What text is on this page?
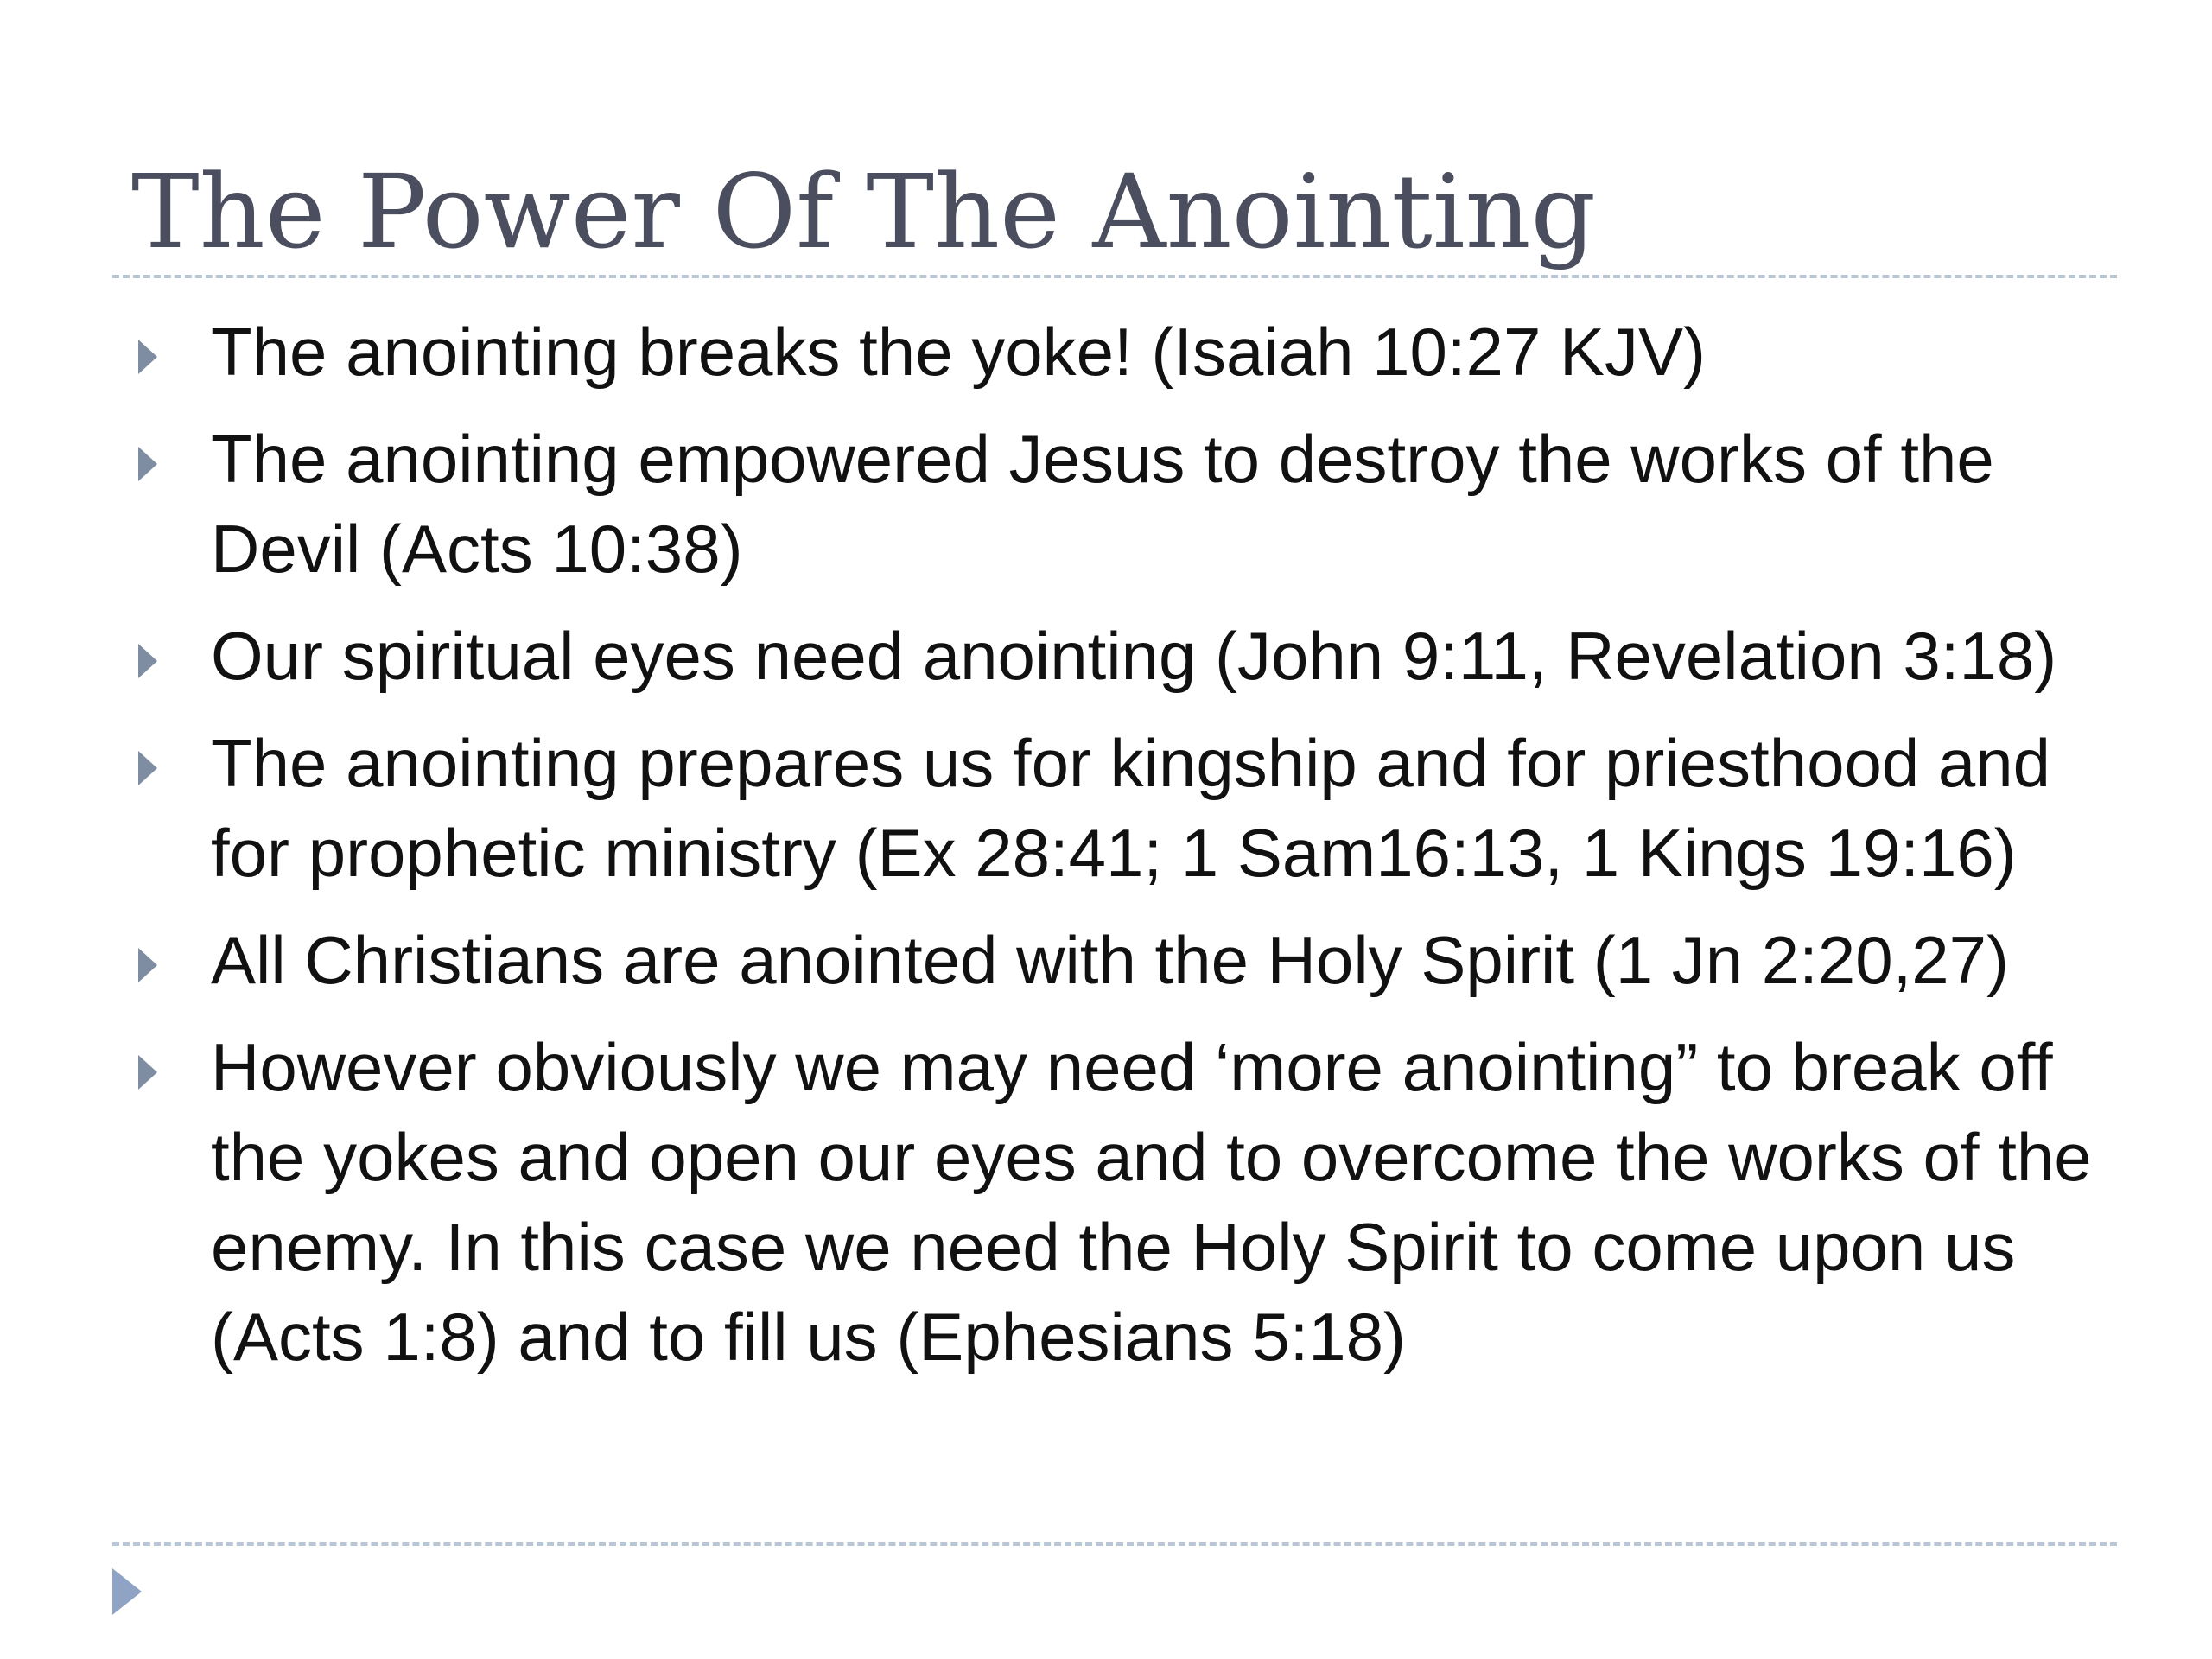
The Power Of The Anointing
The anointing breaks the yoke! (Isaiah 10:27 KJV)
The anointing empowered Jesus to destroy the works of the Devil (Acts 10:38)
Our spiritual eyes need anointing (John 9:11, Revelation 3:18)
The anointing prepares us for kingship and for priesthood and for prophetic ministry (Ex 28:41; 1 Sam16:13, 1 Kings 19:16)
All Christians are anointed with the Holy Spirit (1 Jn 2:20,27)
However obviously we may need ‘more anointing” to break off the yokes and open our eyes and to overcome the works of the enemy. In this case we need the Holy Spirit to come upon us (Acts 1:8) and to fill us (Ephesians 5:18)
